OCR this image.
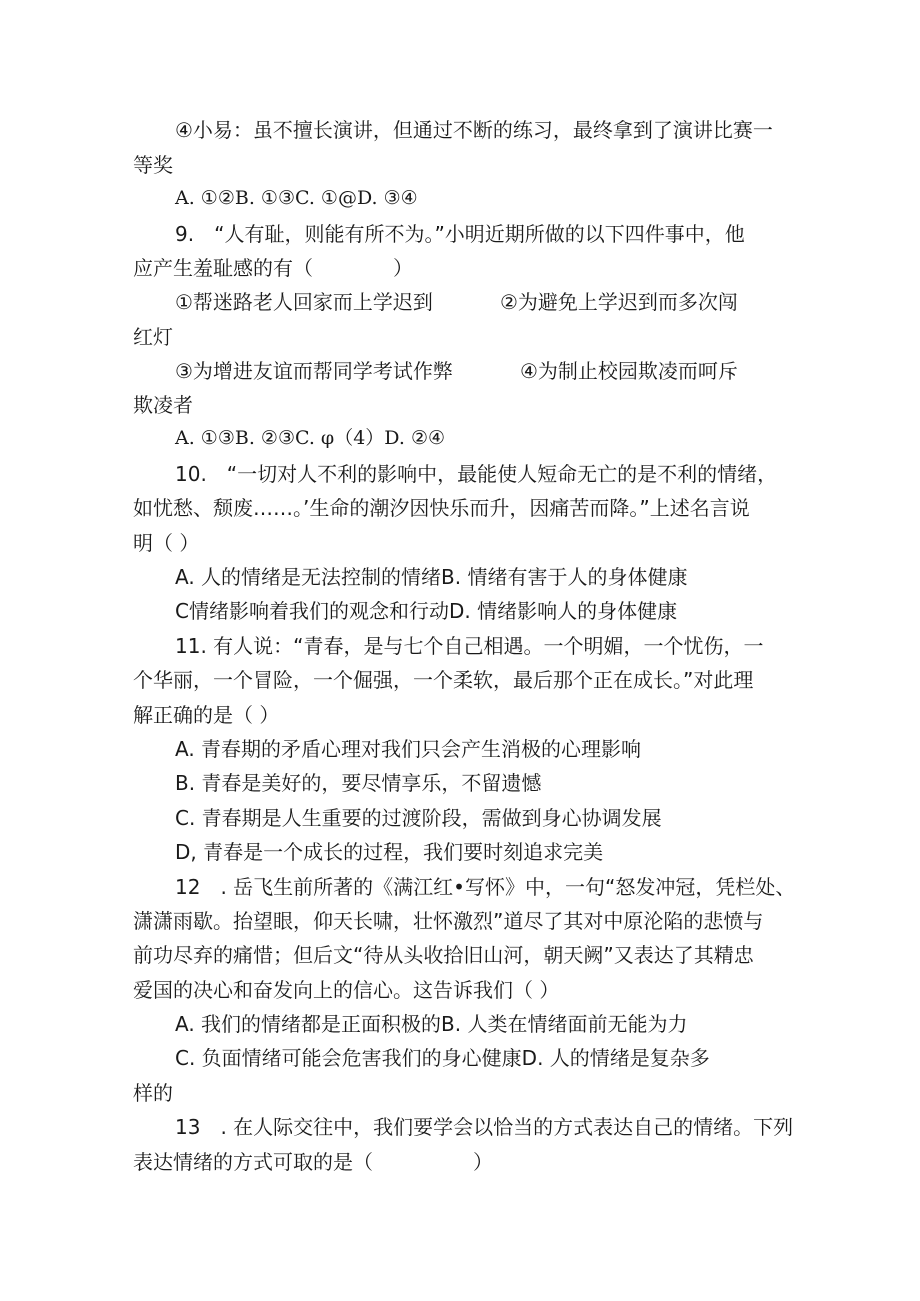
④小易：虽不擅长演讲，但通过不断的练习，最终拿到了演讲比赛一
等奖
A. ①②B. ①③C. ①@D. ③④
9.　“人有耻，则能有所不为。”小明近期所做的以下四件事中，他
应产生羞耻感的有（　　　　）
①帮迷路老人回家而上学迟到	②为避免上学迟到而多次闯
红灯
③为增进友谊而帮同学考试作弊	④为制止校园欺凌而呵斥
欺凌者
A. ①③B. ②③C. φ（4）D. ②④
10.　“一切对人不利的影响中，最能使人短命无亡的是不利的情绪，
如忧愁、颓废……。’生命的潮汐因快乐而升，因痛苦而降。”上述名言说
明（ ）
A. 人的情绪是无法控制的情绪B. 情绪有害于人的身体健康
C情绪影响着我们的观念和行动D. 情绪影响人的身体健康
11. 有人说：“青春，是与七个自己相遇。一个明媚，一个忧伤，一
个华丽，一个冒险，一个倔强，一个柔软，最后那个正在成长。”对此理
解正确的是（ ）
A. 青春期的矛盾心理对我们只会产生消极的心理影响
B. 青春是美好的，要尽情享乐，不留遗憾
C. 青春期是人生重要的过渡阶段，需做到身心协调发展
D, 青春是一个成长的过程，我们要时刻追求完美
12　. 岳飞生前所著的《满江红•写怀》中，一句“怒发冲冠，凭栏处、
潇潇雨歇。抬望眼，仰天长啸，壮怀激烈”道尽了其对中原沦陷的悲愤与
前功尽弃的痛惜；但后文“待从头收拾旧山河，朝天阙”又表达了其精忠
爱国的决心和奋发向上的信心。这告诉我们（ ）
A. 我们的情绪都是正面积极的B. 人类在情绪面前无能为力
C. 负面情绪可能会危害我们的身心健康D. 人的情绪是复杂多
样的
13　. 在人际交往中，我们要学会以恰当的方式表达自己的情绪。下列
表达情绪的方式可取的是（　　　　　）
